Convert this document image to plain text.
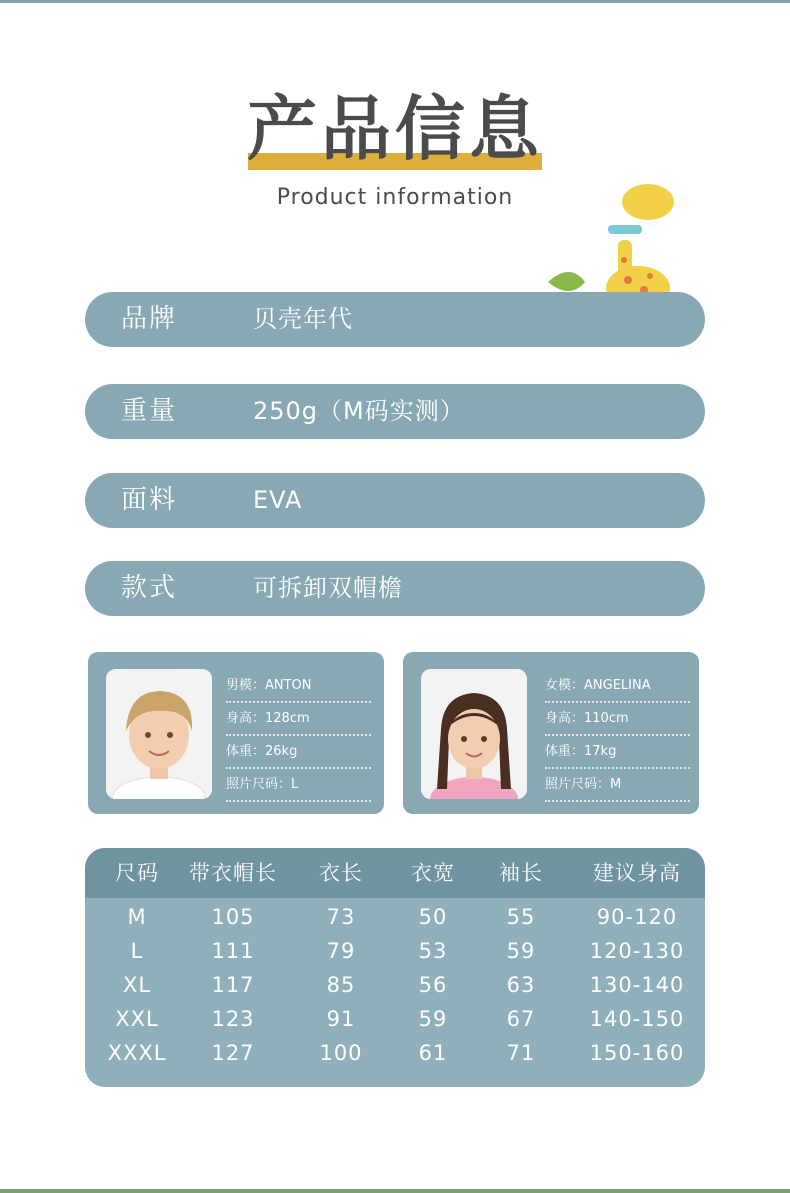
产品信息
Product information
品牌	贝壳年代
重量	250g（M码实测）
面料	EVA
款式	可拆卸双帽檐
男模：ANTON
身高：128cm
体重：26kg
照片尺码：L
女模：ANGELINA
身高：110cm
体重：17kg
照片尺码：M
尺码	带衣帽长	衣长	衣宽	袖长	建议身高
M	105	73	50	55	90-120
L	111	79	53	59	120-130
XL	117	85	56	63	130-140
XXL	123	91	59	67	140-150
XXXL	127	100	61	71	150-160
